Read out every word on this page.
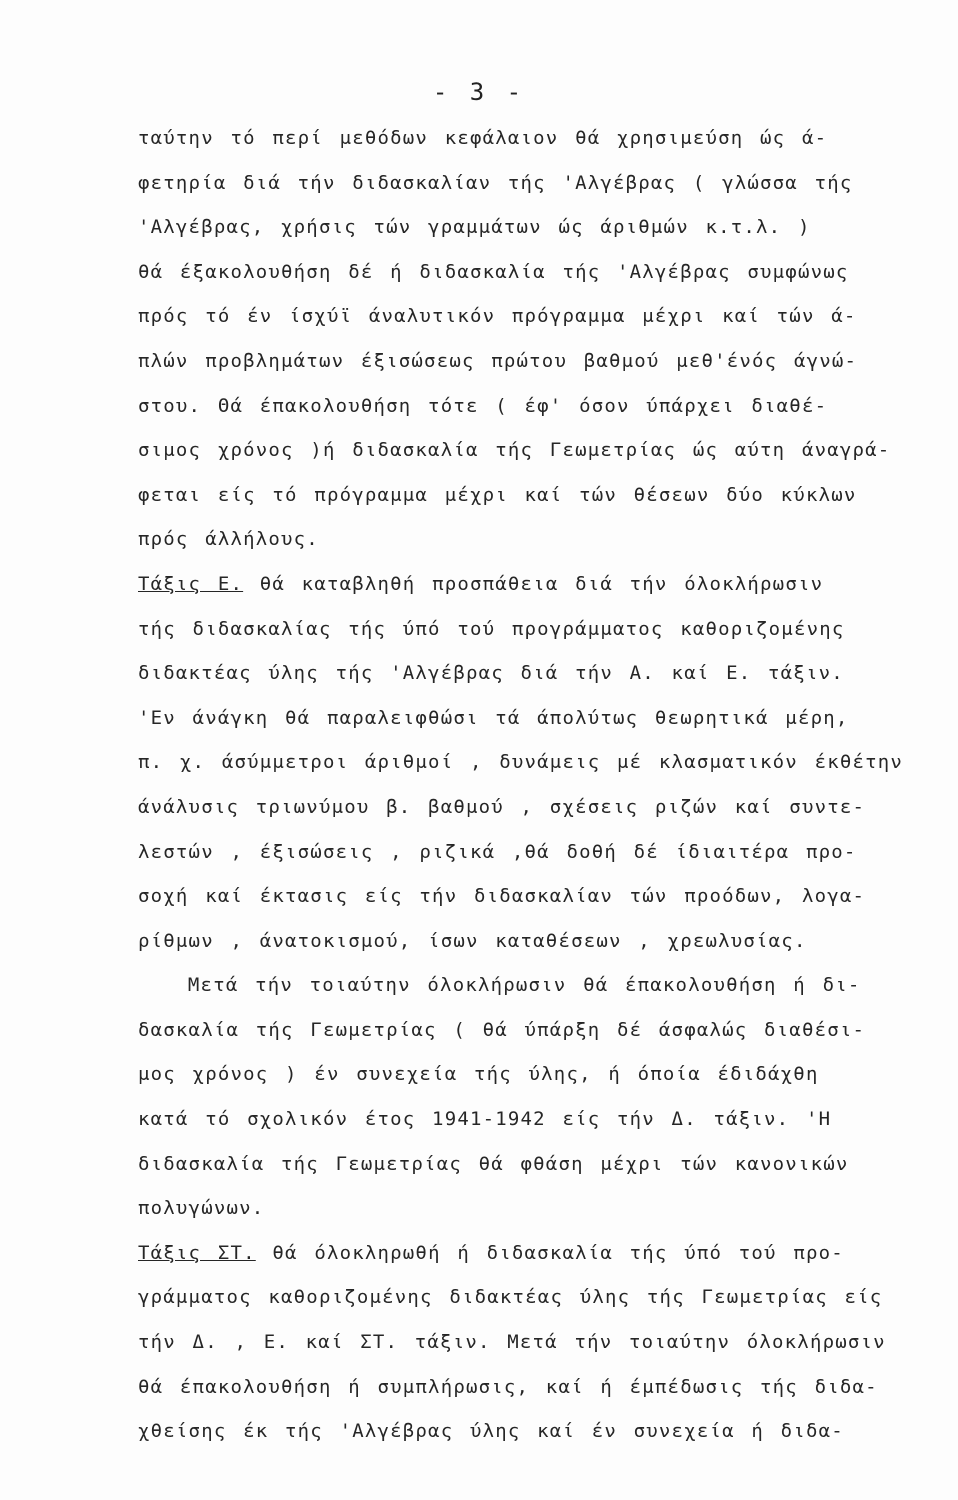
- 3 -
ταύτην τό περί μεθόδων κεφάλαιον θά χρησιμεύση ώς ά-
φετηρία διά τήν διδασκαλίαν τής 'Αλγέβρας ( γλώσσα τής
'Αλγέβρας, χρήσις τών γραμμάτων ώς άριθμών κ.τ.λ. )
θά έξακολουθήση δέ ή διδασκαλία τής 'Αλγέβρας συμφώνως
πρός τό έν ίσχύϊ άναλυτικόν πρόγραμμα μέχρι καί τών ά-
πλών προβλημάτων έξισώσεως πρώτου βαθμού μεθ'ένός άγνώ-
στου. Θά έπακολουθήση τότε ( έφ' όσον ύπάρχει διαθέ-
σιμος χρόνος )ή διδασκαλία τής Γεωμετρίας ώς αύτη άναγρά-
φεται είς τό πρόγραμμα μέχρι καί τών θέσεων δύο κύκλων
πρός άλλήλους.
Τάξις Ε. θά καταβληθή προσπάθεια διά τήν όλοκλήρωσιν
τής διδασκαλίας τής ύπό τού προγράμματος καθοριζομένης
διδακτέας ύλης τής 'Αλγέβρας διά τήν Α. καί Ε. τάξιν.
'Εν άνάγκη θά παραλειφθώσι τά άπολύτως θεωρητικά μέρη,
π. χ. άσύμμετροι άριθμοί , δυνάμεις μέ κλασματικόν έκθέτην
άνάλυσις τριωνύμου β. βαθμού , σχέσεις ριζών καί συντε-
λεστών , έξισώσεις , ριζικά ,θά δοθή δέ ίδιαιτέρα προ-
σοχή καί έκτασις είς τήν διδασκαλίαν τών προόδων, λογα-
ρίθμων , άνατοκισμού, ίσων καταθέσεων , χρεωλυσίας.
Μετά τήν τοιαύτην όλοκλήρωσιν θά έπακολουθήση ή δι-
δασκαλία τής Γεωμετρίας ( θά ύπάρξη δέ άσφαλώς διαθέσι-
μος χρόνος ) έν συνεχεία τής ύλης, ή όποία έδιδάχθη
κατά τό σχολικόν έτος 1941-1942 είς τήν Δ. τάξιν. 'Η
διδασκαλία τής Γεωμετρίας θά φθάση μέχρι τών κανονικών
πολυγώνων.
Τάξις ΣΤ. θά όλοκληρωθή ή διδασκαλία τής ύπό τού προ-
γράμματος καθοριζομένης διδακτέας ύλης τής Γεωμετρίας είς
τήν Δ. , Ε. καί ΣΤ. τάξιν. Μετά τήν τοιαύτην όλοκλήρωσιν
θά έπακολουθήση ή συμπλήρωσις, καί ή έμπέδωσις τής διδα-
χθείσης έκ τής 'Αλγέβρας ύλης καί έν συνεχεία ή διδα-
